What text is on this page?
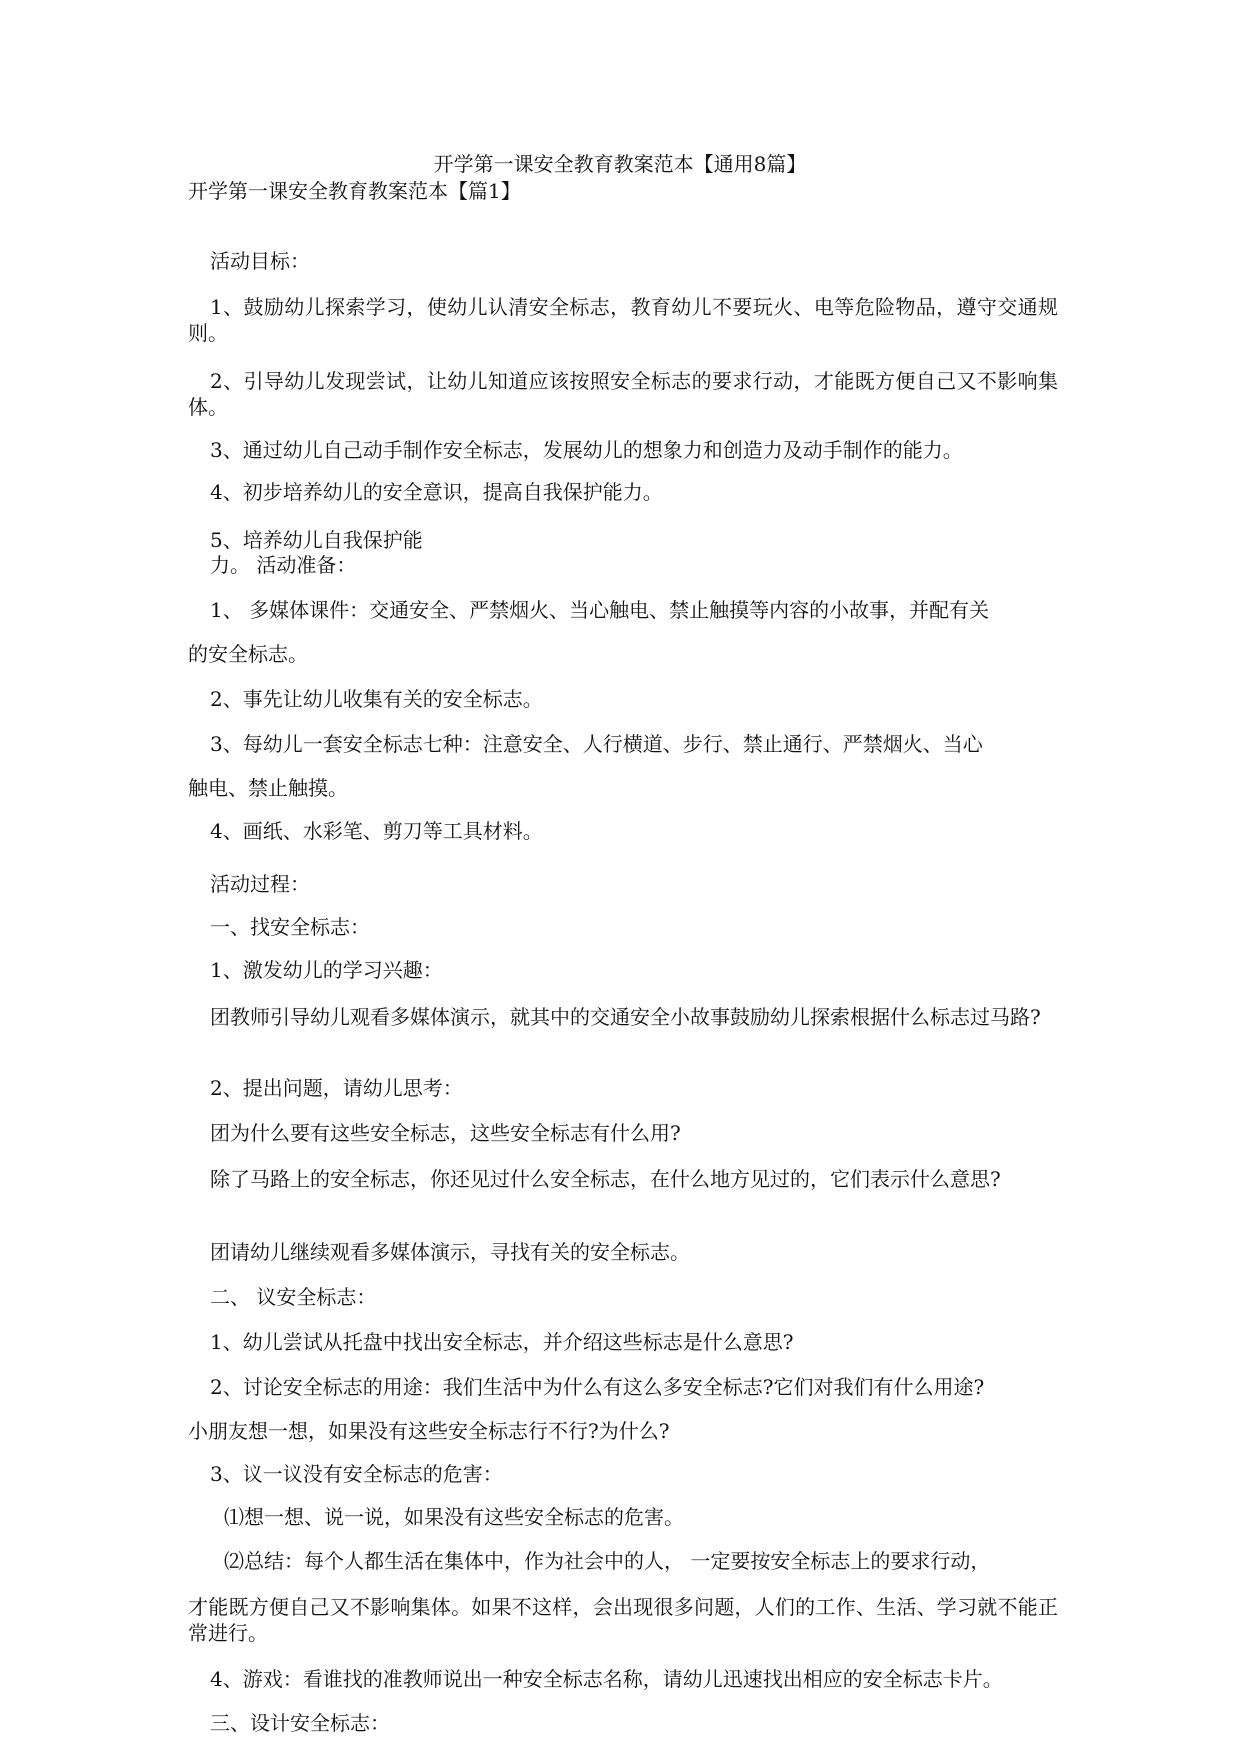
开学第一课安全教育教案范本【通用8篇】
开学第一课安全教育教案范本【篇1】
活动目标：
1、鼓励幼儿探索学习，使幼儿认清安全标志，教育幼儿不要玩火、电等危险物品，遵守交通规则。
2、引导幼儿发现尝试，让幼儿知道应该按照安全标志的要求行动，才能既方便自己又不影响集体。
3、通过幼儿自己动手制作安全标志，发展幼儿的想象力和创造力及动手制作的能力。
4、初步培养幼儿的安全意识，提高自我保护能力。
5、培养幼儿自我保护能
力。 活动准备：
1、 多媒体课件：交通安全、严禁烟火、当心触电、禁止触摸等内容的小故事，并配有关
的安全标志。
2、事先让幼儿收集有关的安全标志。
3、每幼儿一套安全标志七种：注意安全、人行横道、步行、禁止通行、严禁烟火、当心
触电、禁止触摸。
4、画纸、水彩笔、剪刀等工具材料。
活动过程：
一、找安全标志：
1、激发幼儿的学习兴趣：
团教师引导幼儿观看多媒体演示，就其中的交通安全小故事鼓励幼儿探索根据什么标志过马路?
2、提出问题，请幼儿思考：
团为什么要有这些安全标志，这些安全标志有什么用?
除了马路上的安全标志，你还见过什么安全标志，在什么地方见过的，它们表示什么意思?
团请幼儿继续观看多媒体演示，寻找有关的安全标志。
二、 议安全标志：
1、幼儿尝试从托盘中找出安全标志，并介绍这些标志是什么意思?
2、讨论安全标志的用途：我们生活中为什么有这么多安全标志?它们对我们有什么用途?
小朋友想一想，如果没有这些安全标志行不行?为什么?
3、议一议没有安全标志的危害：
⑴想一想、说一说，如果没有这些安全标志的危害。
⑵总结：每个人都生活在集体中，作为社会中的人， 一定要按安全标志上的要求行动，
才能既方便自己又不影响集体。如果不这样，会出现很多问题，人们的工作、生活、学习就不能正常进行。
4、游戏：看谁找的准教师说出一种安全标志名称，请幼儿迅速找出相应的安全标志卡片。
三、设计安全标志：
